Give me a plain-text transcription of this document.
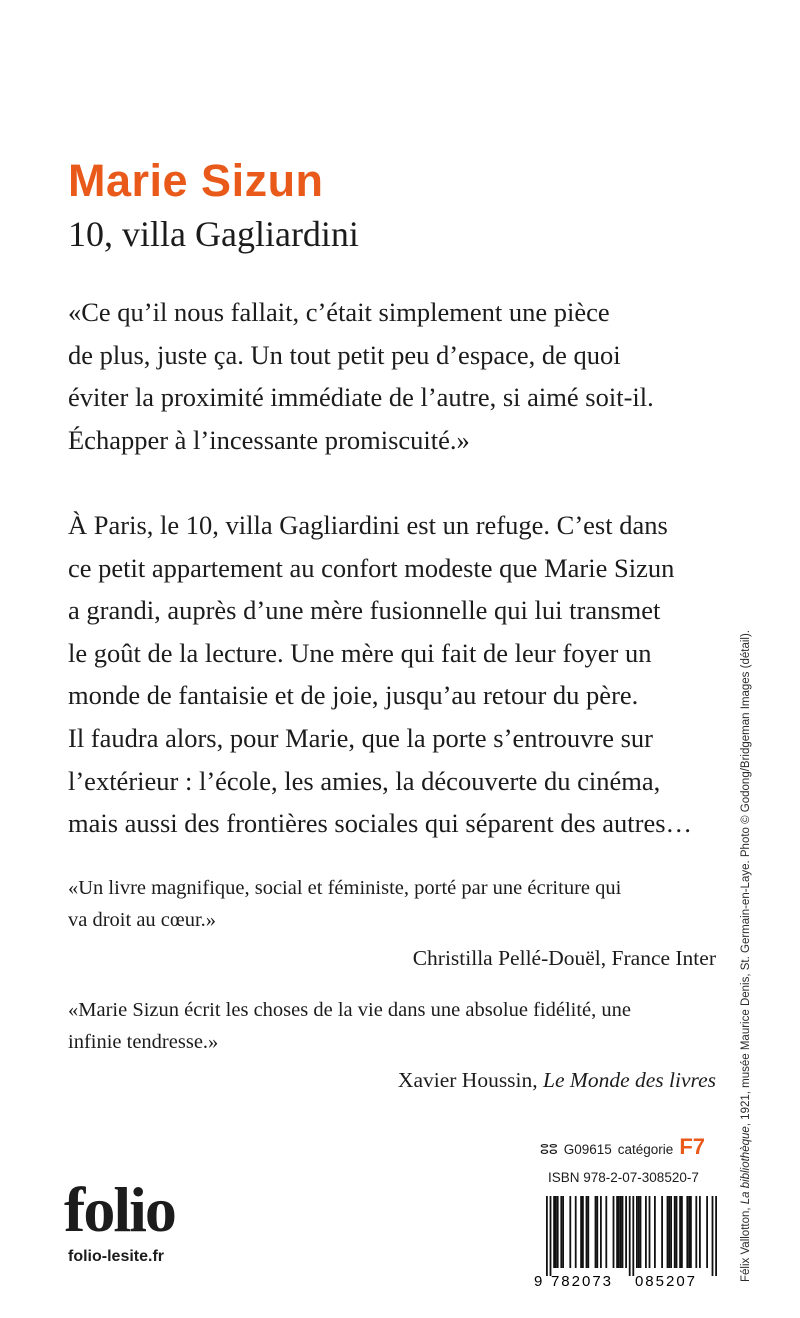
Marie Sizun
10, villa Gagliardini
«Ce qu’il nous fallait, c’était simplement une pièce
de plus, juste ça. Un tout petit peu d’espace, de quoi
éviter la proximité immédiate de l’autre, si aimé soit-il.
Échapper à l’incessante promiscuité.»
À Paris, le 10, villa Gagliardini est un refuge. C’est dans
ce petit appartement au confort modeste que Marie Sizun
a grandi, auprès d’une mère fusionnelle qui lui transmet
le goût de la lecture. Une mère qui fait de leur foyer un
monde de fantaisie et de joie, jusqu’au retour du père.
Il faudra alors, pour Marie, que la porte s’entrouvre sur
l’extérieur : l’école, les amies, la découverte du cinéma,
mais aussi des frontières sociales qui séparent des autres…
«Un livre magnifique, social et féministe, porté par une écriture qui
va droit au cœur.»
Christilla Pellé-Douël, France Inter
«Marie Sizun écrit les choses de la vie dans une absolue fidélité, une
infinie tendresse.»
Xavier Houssin, Le Monde des livres
folio
folio-lesite.fr
ⵓⵓ G09615 catégorie F7
ISBN 978-2-07-308520-7
9 782073 085207	Félix Vallotton, La bibliothèque, 1921, musée Maurice Denis, St. Germain-en-Laye. Photo © Godong/Bridgeman Images (détail).
